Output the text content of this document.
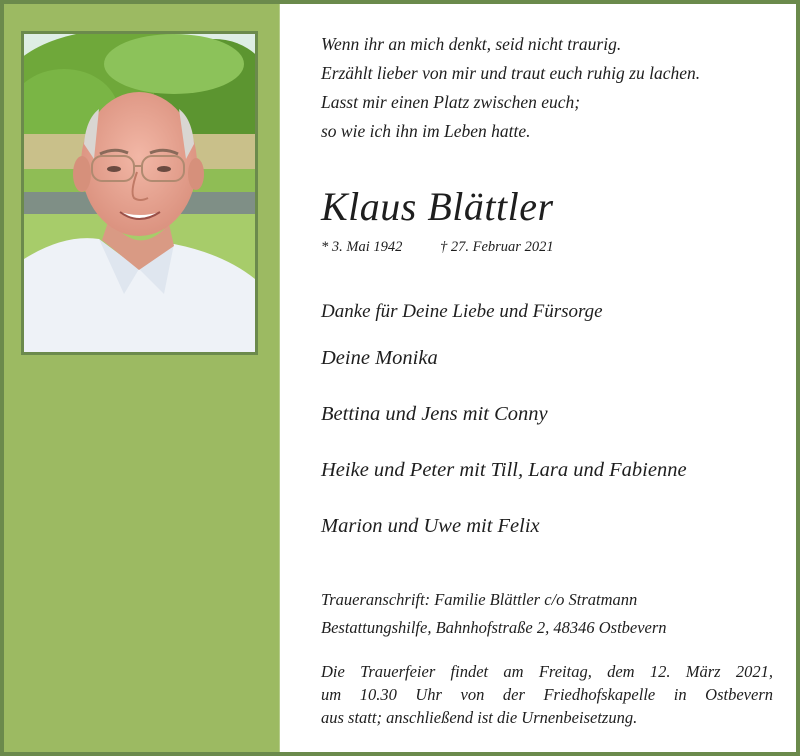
Wenn ihr an mich denkt, seid nicht traurig.
Erzählt lieber von mir und traut euch ruhig zu lachen.
Lasst mir einen Platz zwischen euch;
so wie ich ihn im Leben hatte.
Klaus Blättler
* 3. Mai 1942	† 27. Februar 2021
Danke für Deine Liebe und Fürsorge
Deine Monika
Bettina und Jens mit Conny
Heike und Peter mit Till, Lara und Fabienne
Marion und Uwe mit Felix
Traueranschrift: Familie Blättler c/o Stratmann
Bestattungshilfe, Bahnhofstraße 2, 48346 Ostbevern
Die Trauerfeier findet am Freitag, dem 12. März 2021,
um 10.30 Uhr von der Friedhofskapelle in Ostbevern
aus statt; anschließend ist die Urnenbeisetzung.
